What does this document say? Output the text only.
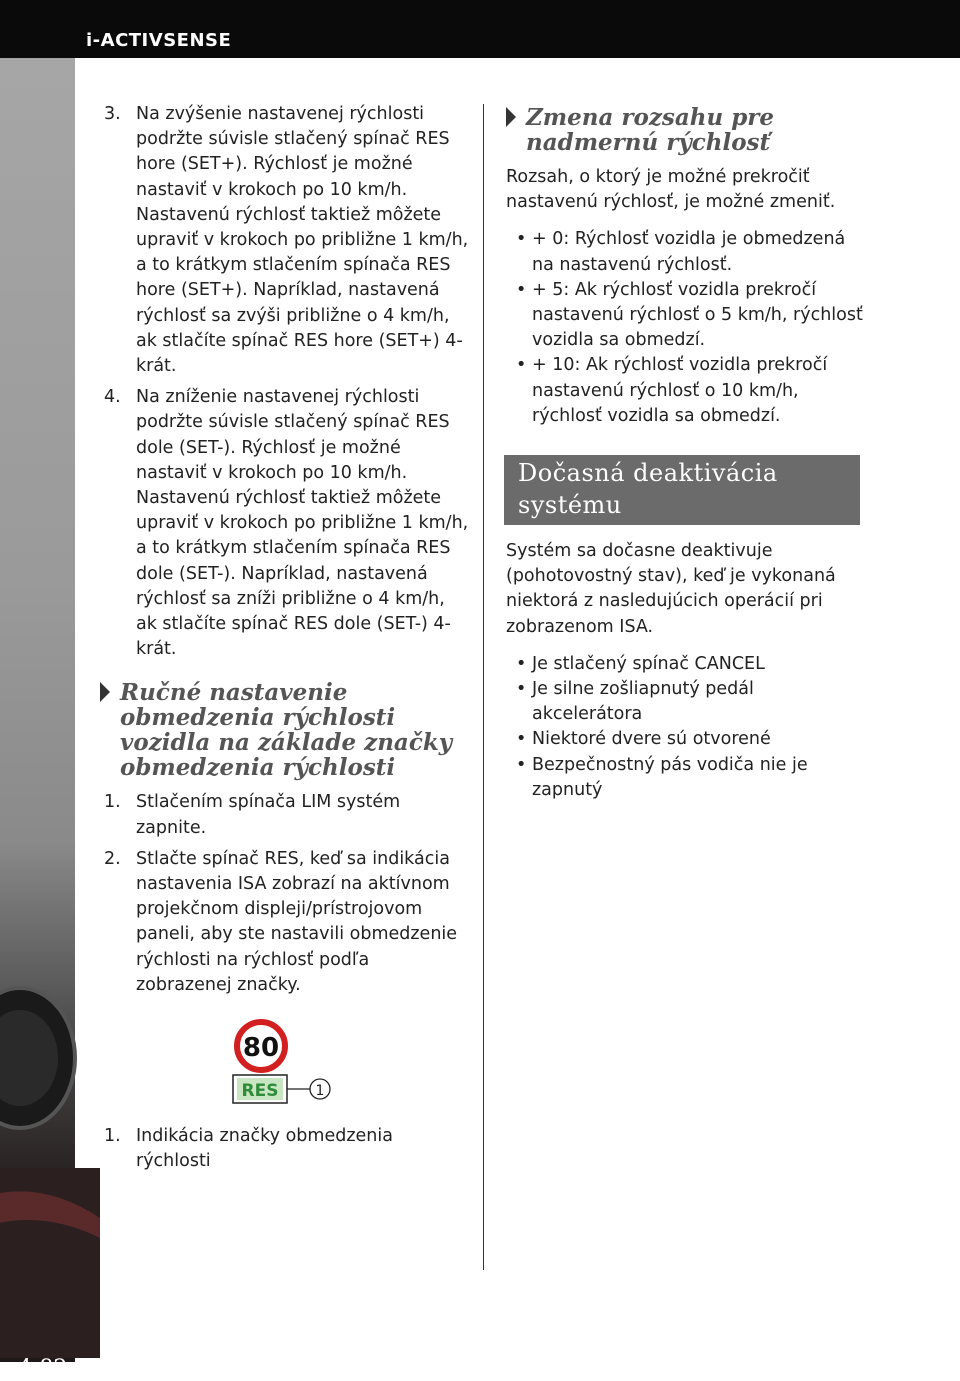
i-ACTIVSENSE
4-82
3. Na zvýšenie nastavenej rýchlosti podržte súvisle stlačený spínač RES hore (SET+). Rýchlosť je možné nastaviť v krokoch po 10 km/h. Nastavenú rýchlosť taktiež môžete upraviť v krokoch po približne 1 km/h, a to krátkym stlačením spínača RES hore (SET+). Napríklad, nastavená rýchlosť sa zvýši približne o 4 km/h, ak stlačíte spínač RES hore (SET+) 4-krát.
4. Na zníženie nastavenej rýchlosti podržte súvisle stlačený spínač RES dole (SET-). Rýchlosť je možné nastaviť v krokoch po 10 km/h. Nastavenú rýchlosť taktiež môžete upraviť v krokoch po približne 1 km/h, a to krátkym stlačením spínača RES dole (SET-). Napríklad, nastavená rýchlosť sa zníži približne o 4 km/h, ak stlačíte spínač RES dole (SET-) 4-krát.
Ručné nastavenie obmedzenia rýchlosti vozidla na základe značky obmedzenia rýchlosti
1. Stlačením spínača LIM systém zapnite.
2. Stlačte spínač RES, keď sa indikácia nastavenia ISA zobrazí na aktívnom projekčnom displeji/prístrojovom paneli, aby ste nastavili obmedzenie rýchlosti na rýchlosť podľa zobrazenej značky.
80
RES	1
1. Indikácia značky obmedzenia rýchlosti
Zmena rozsahu pre nadmernú rýchlosť

Rozsah, o ktorý je možné prekročiť nastavenú rýchlosť, je možné zmeniť.

• + 0: Rýchlosť vozidla je obmedzená na nastavenú rýchlosť.
• + 5: Ak rýchlosť vozidla prekročí nastavenú rýchlosť o 5 km/h, rýchlosť vozidla sa obmedzí.
• + 10: Ak rýchlosť vozidla prekročí nastavenú rýchlosť o 10 km/h, rýchlosť vozidla sa obmedzí.
Dočasná deaktivácia systému

Systém sa dočasne deaktivuje (pohotovostný stav), keď je vykonaná niektorá z nasledujúcich operácií pri zobrazenom ISA.

• Je stlačený spínač CANCEL
• Je silne zošliapnutý pedál akcelerátora
• Niektoré dvere sú otvorené
• Bezpečnostný pás vodiča nie je zapnutý
